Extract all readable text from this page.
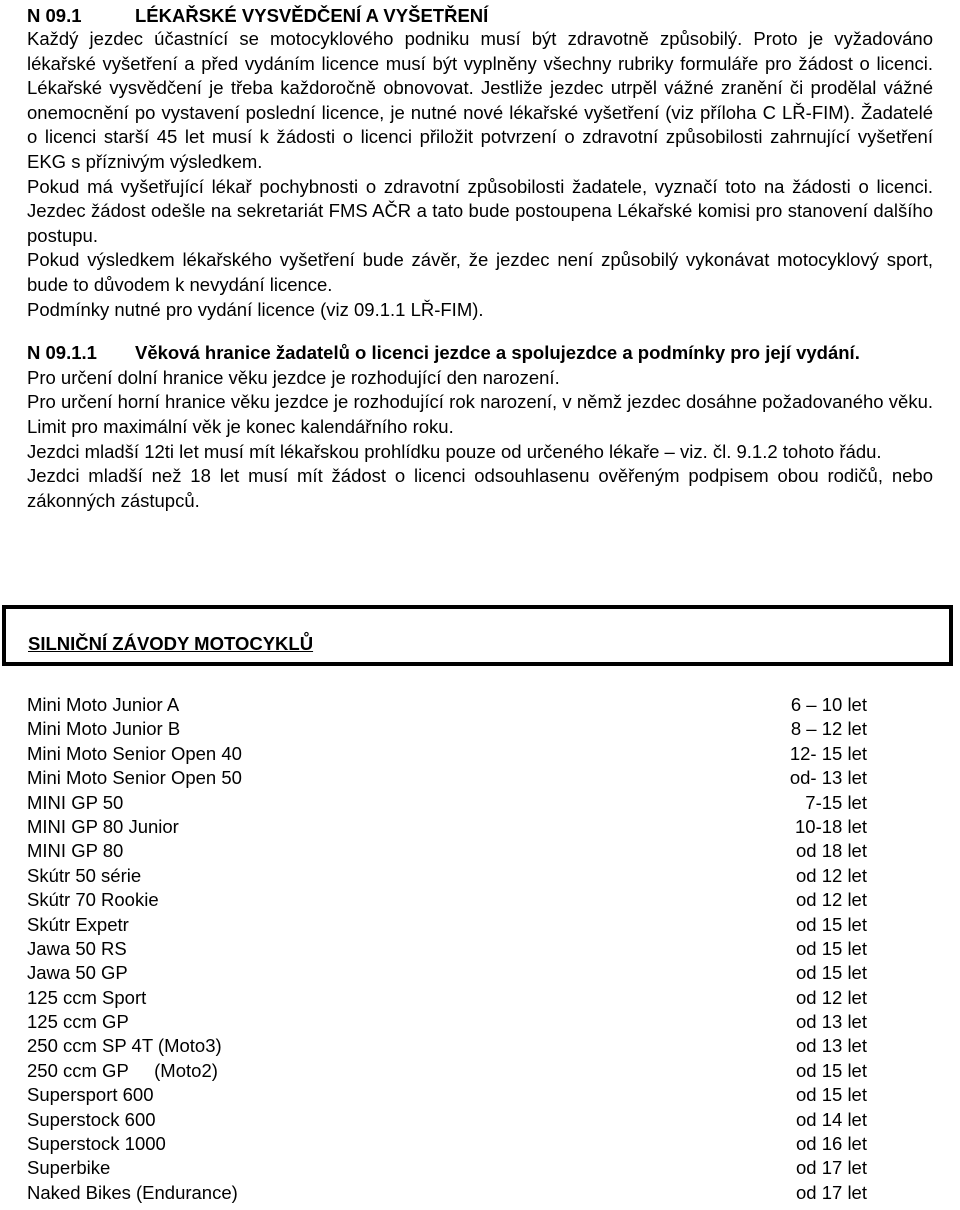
N 09.1	LÉKAŘSKÉ VYSVĚDČENÍ A VYŠETŘENÍ

Každý jezdec účastnící se motocyklového podniku musí být zdravotně způsobilý. Proto je vyžadováno lékařské vyšetření a před vydáním licence musí být vyplněny všechny rubriky formuláře pro žádost o licenci. Lékařské vysvědčení je třeba každoročně obnovovat. Jestliže jezdec utrpěl vážné zranění či prodělal vážné onemocnění po vystavení poslední licence, je nutné nové lékařské vyšetření (viz příloha C LŘ-FIM). Žadatelé o licenci starší 45 let musí k žádosti o licenci přiložit potvrzení o zdravotní způsobilosti zahrnující vyšetření EKG s příznivým výsledkem.

Pokud má vyšetřující lékař pochybnosti o zdravotní způsobilosti žadatele, vyznačí toto na žádosti o licenci. Jezdec žádost odešle na sekretariát FMS AČR a tato bude postoupena Lékařské komisi pro stanovení dalšího postupu.

Pokud výsledkem lékařského vyšetření bude závěr, že jezdec není způsobilý vykonávat motocyklový sport, bude to důvodem k nevydání licence.

Podmínky nutné pro vydání licence (viz 09.1.1 LŘ-FIM).

N 09.1.1 Věková hranice žadatelů o licenci jezdce a spolujezdce a podmínky pro její vydání.

Pro určení dolní hranice věku jezdce je rozhodující den narození.

Pro určení horní hranice věku jezdce je rozhodující rok narození, v němž jezdec dosáhne požadovaného věku. Limit pro maximální věk je konec kalendářního roku.

Jezdci mladší 12ti let musí mít lékařskou prohlídku pouze od určeného lékaře – viz. čl. 9.1.2 tohoto řádu.

Jezdci mladší než 18 let musí mít žádost o licenci odsouhlasenu ověřeným podpisem obou rodičů, nebo zákonných zástupců.

SILNIČNÍ ZÁVODY MOTOCYKLŮ
Mini Moto Junior A	6 – 10 let
Mini Moto Junior B	8 – 12 let
Mini Moto Senior Open 40	12- 15 let
Mini Moto Senior Open 50	od- 13 let
MINI GP 50	7-15 let
MINI GP 80 Junior	10-18 let
MINI GP 80	od 18 let
Skútr 50 série	od 12 let
Skútr 70 Rookie	od 12 let
Skútr Expetr	od 15 let
Jawa 50 RS	od 15 let
Jawa 50 GP	od 15 let
125 ccm Sport	od 12 let
125 ccm GP	od 13 let
250 ccm SP 4T (Moto3)	od 13 let
250 ccm GP     (Moto2)	od 15 let
Supersport 600	od 15 let
Superstock 600	od 14 let
Superstock 1000	od 16 let
Superbike	od 17 let
Naked Bikes (Endurance)	od 17 let
